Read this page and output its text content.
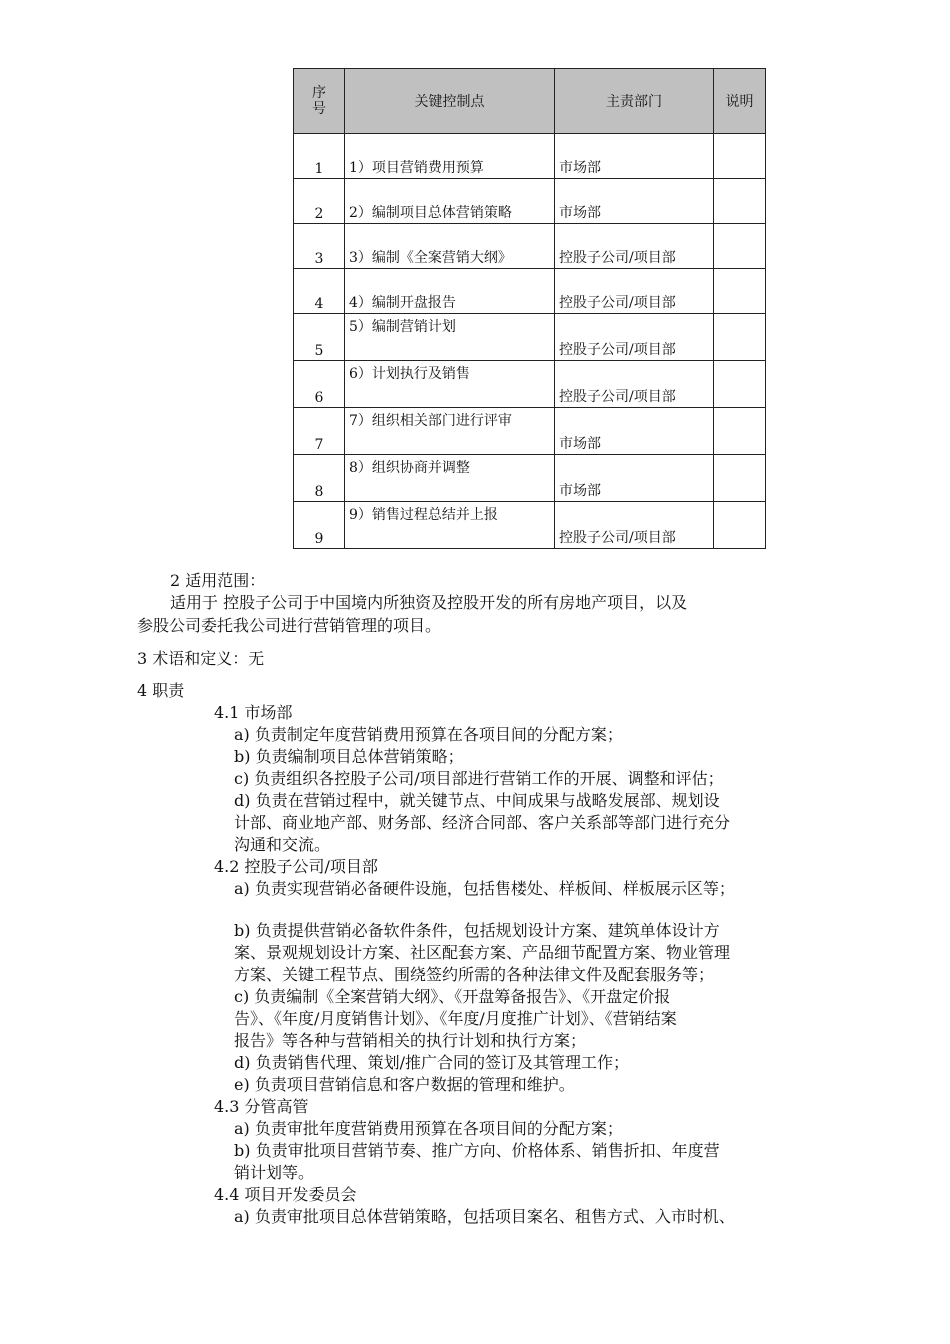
序
号	关键控制点	主责部门	说明
1	1）项目营销费用预算	市场部	
2	2）编制项目总体营销策略	市场部	
3	3）编制《全案营销大纲》	控股子公司/项目部	
4	4）编制开盘报告	控股子公司/项目部	
5	5）编制营销计划	控股子公司/项目部	
6	6）计划执行及销售	控股子公司/项目部	
7	7）组织相关部门进行评审	市场部	
8	8）组织协商并调整	市场部	
9	9）销售过程总结并上报	控股子公司/项目部	
2 适用范围：
适用于 控股子公司于中国境内所独资及控股开发的所有房地产项目，以及
参股公司委托我公司进行营销管理的项目。
3 术语和定义：无
4 职责
4.1 市场部
a) 负责制定年度营销费用预算在各项目间的分配方案；
b) 负责编制项目总体营销策略；
c) 负责组织各控股子公司/项目部进行营销工作的开展、调整和评估；
d) 负责在营销过程中，就关键节点、中间成果与战略发展部、规划设
计部、商业地产部、财务部、经济合同部、客户关系部等部门进行充分
沟通和交流。
4.2 控股子公司/项目部
a) 负责实现营销必备硬件设施，包括售楼处、样板间、样板展示区等；
b) 负责提供营销必备软件条件，包括规划设计方案、建筑单体设计方
案、景观规划设计方案、社区配套方案、产品细节配置方案、物业管理
方案、关键工程节点、围绕签约所需的各种法律文件及配套服务等；
c) 负责编制《全案营销大纲》、《开盘筹备报告》、《开盘定价报
告》、《年度/月度销售计划》、《年度/月度推广计划》、《营销结案
报告》等各种与营销相关的执行计划和执行方案；
d) 负责销售代理、策划/推广合同的签订及其管理工作；
e) 负责项目营销信息和客户数据的管理和维护。
4.3 分管高管
a) 负责审批年度营销费用预算在各项目间的分配方案；
b) 负责审批项目营销节奏、推广方向、价格体系、销售折扣、年度营
销计划等。
4.4 项目开发委员会
a) 负责审批项目总体营销策略，包括项目案名、租售方式、入市时机、
